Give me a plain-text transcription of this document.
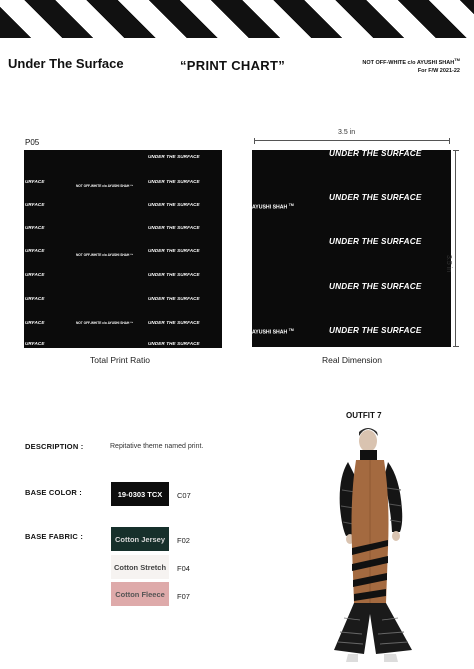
Under The Surface	“PRINT CHART”	NOT OFF-WHITE c/o AYUSHI SHAH™
For F/W 2021-22
P05
URFACE
URFACE
URFACE
URFACE
URFACE
URFACE
URFACE
URFACE
NOT OFF-WHITE c/o AYUSHI SHAH ™
NOT OFF-WHITE c/o AYUSHI SHAH ™
NOT OFF-WHITE c/o AYUSHI SHAH ™
UNDER THE SURFACE
UNDER THE SURFACE
UNDER THE SURFACE
UNDER THE SURFACE
UNDER THE SURFACE
UNDER THE SURFACE
UNDER THE SURFACE
UNDER THE SURFACE
UNDER THE SURFACE
3.5 in
UNDER THE SURFACE
UNDER THE SURFACE
UNDER THE SURFACE
UNDER THE SURFACE
UNDER THE SURFACE
AYUSHI SHAH ™
AYUSHI SHAH ™
3.5 in
Total Print Ratio	Real Dimension
DESCRIPTION :	Repitative theme named print.
BASE COLOR :	19-0303 TCX	C07
BASE FABRIC :	Cotton Jersey	F02
Cotton Stretch	F04
Cotton Fleece	F07
OUTFIT 7
